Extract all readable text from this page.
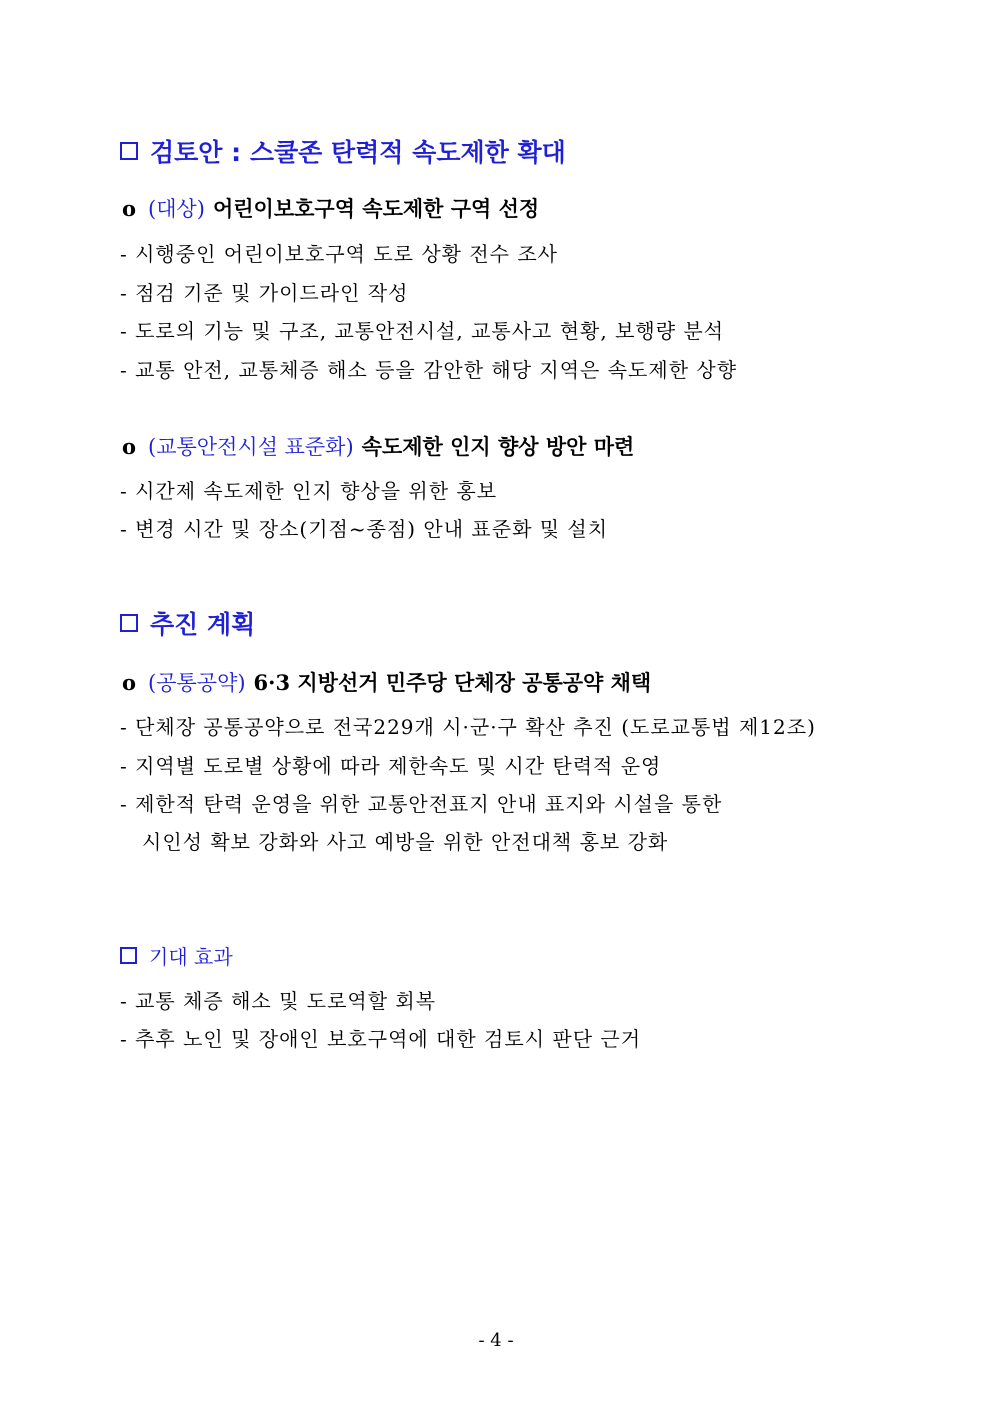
검토안 : 스쿨존 탄력적 속도제한 확대
o (대상) 어린이보호구역 속도제한 구역 선정
- 시행중인 어린이보호구역 도로 상황 전수 조사
- 점검 기준 및 가이드라인 작성
- 도로의 기능 및 구조, 교통안전시설, 교통사고 현황, 보행량 분석
- 교통 안전, 교통체증 해소 등을 감안한 해당 지역은 속도제한 상향
o (교통안전시설 표준화) 속도제한 인지 향상 방안 마련
- 시간제 속도제한 인지 향상을 위한 홍보
- 변경 시간 및 장소(기점~종점) 안내 표준화 및 설치
추진 계획
o (공통공약) 6·3 지방선거 민주당 단체장 공통공약 채택
- 단체장 공통공약으로 전국229개 시·군·구 확산 추진 (도로교통법 제12조)
- 지역별 도로별 상황에 따라 제한속도 및 시간 탄력적 운영
- 제한적 탄력 운영을 위한 교통안전표지 안내 표지와 시설을 통한
시인성 확보 강화와 사고 예방을 위한 안전대책 홍보 강화
기대 효과
- 교통 체증 해소 및 도로역할 회복
- 추후 노인 및 장애인 보호구역에 대한 검토시 판단 근거
- 4 -
